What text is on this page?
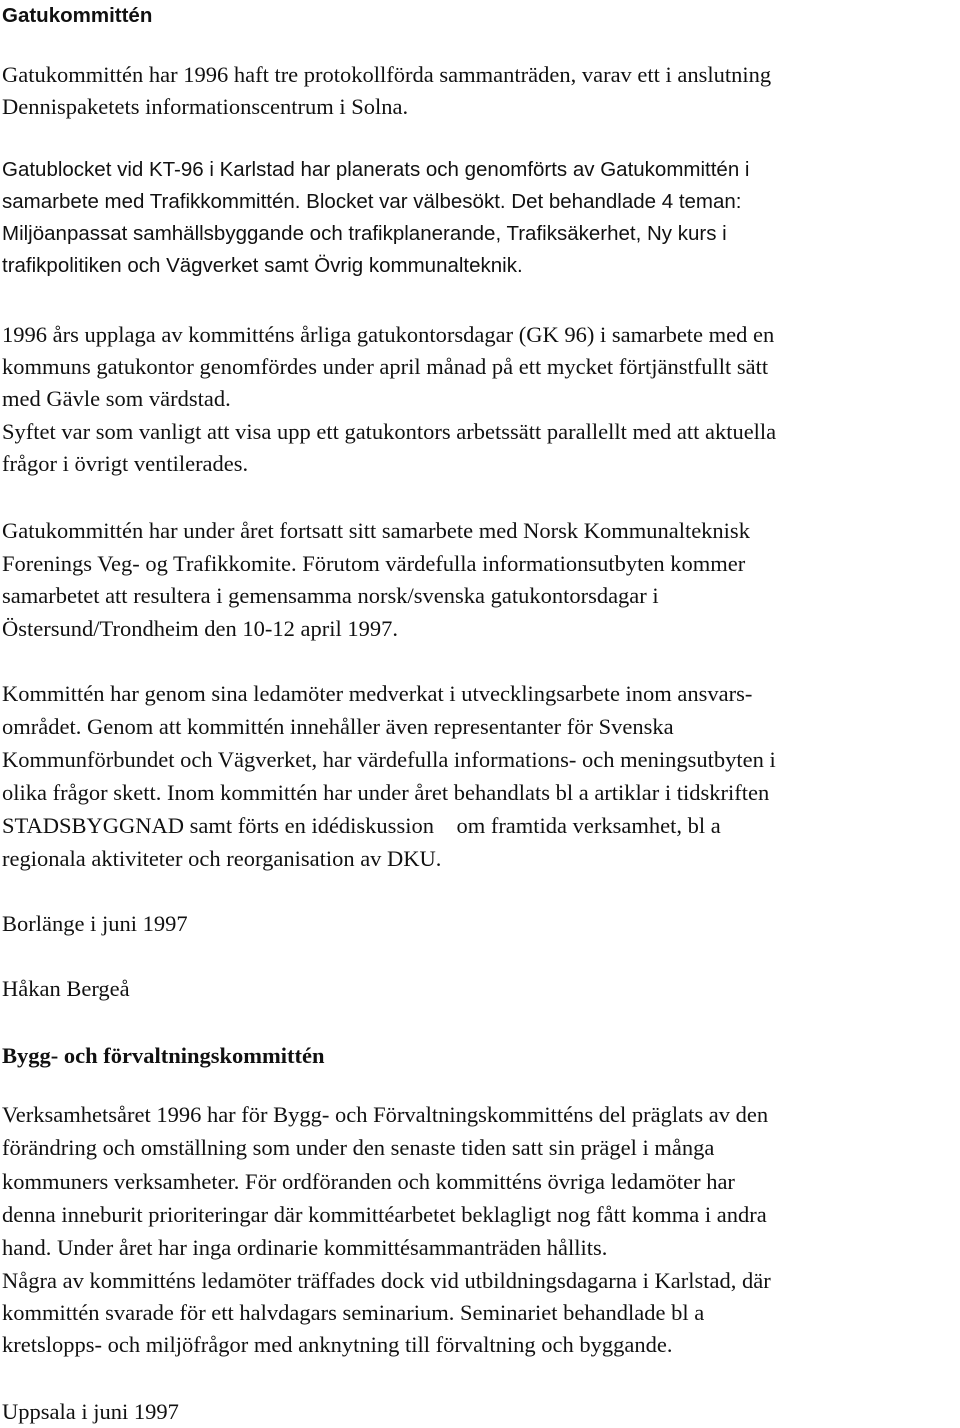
Gatukommittén
Gatukommittén har 1996 haft tre protokollförda sammanträden, varav ett i anslutning
Dennispaketets informationscentrum i Solna.
Gatublocket vid KT-96 i Karlstad har planerats och genomförts av Gatukommittén i
samarbete med Trafikkommittén. Blocket var välbesökt. Det behandlade 4 teman:
Miljöanpassat samhällsbyggande och trafikplanerande, Trafiksäkerhet, Ny kurs i
trafikpolitiken och Vägverket samt Övrig kommunalteknik.
1996 års upplaga av kommitténs årliga gatukontorsdagar (GK 96) i samarbete med en
kommuns gatukontor genomfördes under april månad på ett mycket förtjänstfullt sätt
med Gävle som värdstad.
Syftet var som vanligt att visa upp ett gatukontors arbetssätt parallellt med att aktuella
frågor i övrigt ventilerades.
Gatukommittén har under året fortsatt sitt samarbete med Norsk Kommunalteknisk
Forenings Veg- og Trafikkomite. Förutom värdefulla informationsutbyten kommer
samarbetet att resultera i gemensamma norsk/svenska gatukontorsdagar i
Östersund/Trondheim den 10-12 april 1997.
Kommittén har genom sina ledamöter medverkat i utvecklingsarbete inom ansvars-
området. Genom att kommittén innehåller även representanter för Svenska
Kommunförbundet och Vägverket, har värdefulla informations- och meningsutbyten i
olika frågor skett. Inom kommittén har under året behandlats bl a artiklar i tidskriften
STADSBYGGNAD samt förts en idédiskussion    om framtida verksamhet, bl a
regionala aktiviteter och reorganisation av DKU.
Borlänge i juni 1997
Håkan Bergeå
Bygg- och förvaltningskommittén
Verksamhetsåret 1996 har för Bygg- och Förvaltningskommitténs del präglats av den
förändring och omställning som under den senaste tiden satt sin prägel i många
kommuners verksamheter. För ordföranden och kommitténs övriga ledamöter har
denna inneburit prioriteringar där kommittéarbetet beklagligt nog fått komma i andra
hand. Under året har inga ordinarie kommittésammanträden hållits.
Några av kommitténs ledamöter träffades dock vid utbildningsdagarna i Karlstad, där
kommittén svarade för ett halvdagars seminarium. Seminariet behandlade bl a
kretslopps- och miljöfrågor med anknytning till förvaltning och byggande.
Uppsala i juni 1997
